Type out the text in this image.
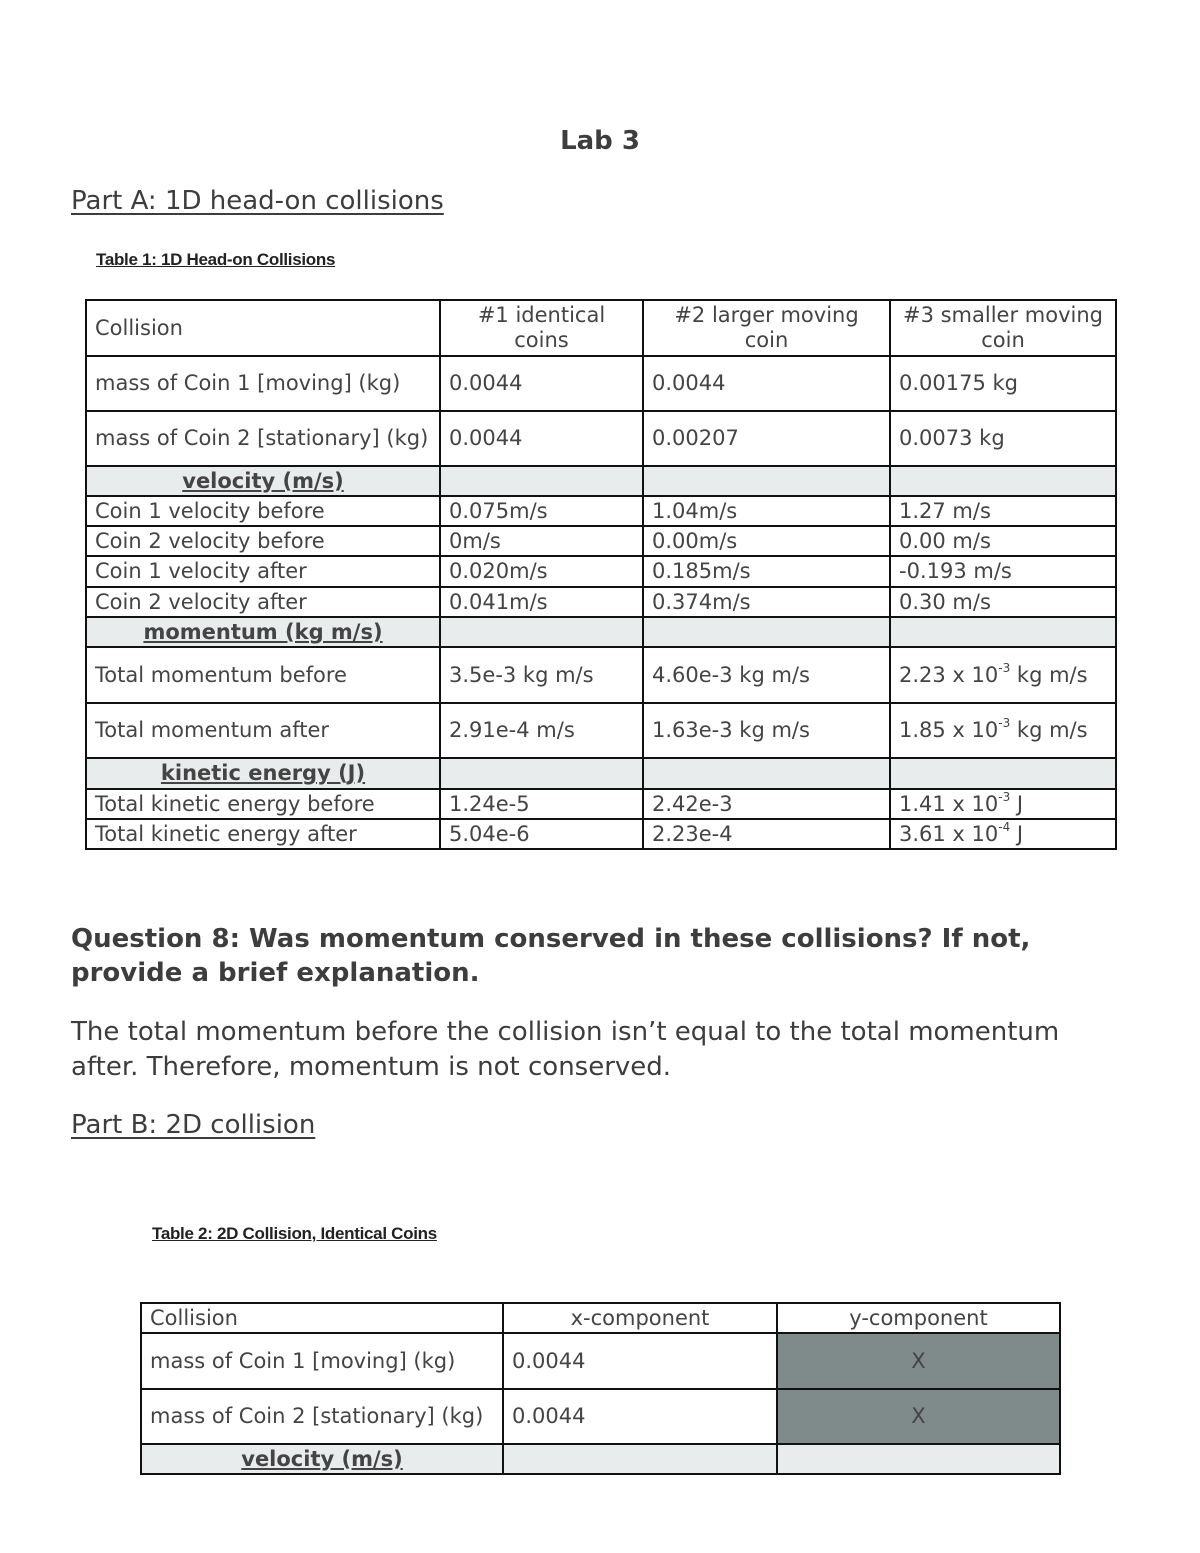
Lab 3
Part A: 1D head-on collisions
Table 1: 1D Head-on Collisions
Collision	#1 identical coins	#2 larger moving coin	#3 smaller moving coin
mass of Coin 1 [moving] (kg)	0.0044	0.0044	0.00175 kg
mass of Coin 2 [stationary] (kg)	0.0044	0.00207	0.0073 kg
velocity (m/s)			
Coin 1 velocity before	0.075m/s	1.04m/s	1.27 m/s
Coin 2 velocity before	0m/s	0.00m/s	0.00 m/s
Coin 1 velocity after	0.020m/s	0.185m/s	-0.193 m/s
Coin 2 velocity after	0.041m/s	0.374m/s	0.30 m/s
momentum (kg m/s)			
Total momentum before	3.5e-3 kg m/s	4.60e-3 kg m/s	2.23 x $10^{-3}$ kg m/s
Total momentum after	2.91e-4 m/s	1.63e-3 kg m/s	1.85 x $10^{-3}$ kg m/s
kinetic energy (J)			
Total kinetic energy before	1.24e-5	2.42e-3	1.41 x $10^{-3}$ J
Total kinetic energy after	5.04e-6	2.23e-4	3.61 x $10^{-4}$ J
Question 8: Was momentum conserved in these collisions? If not, provide a brief explanation.
The total momentum before the collision isn’t equal to the total momentum after. Therefore, momentum is not conserved.
Part B: 2D collision
Table 2: 2D Collision, Identical Coins
Collision	x-component	y-component
mass of Coin 1 [moving] (kg)	0.0044	X
mass of Coin 2 [stationary] (kg)	0.0044	X
velocity (m/s)		
